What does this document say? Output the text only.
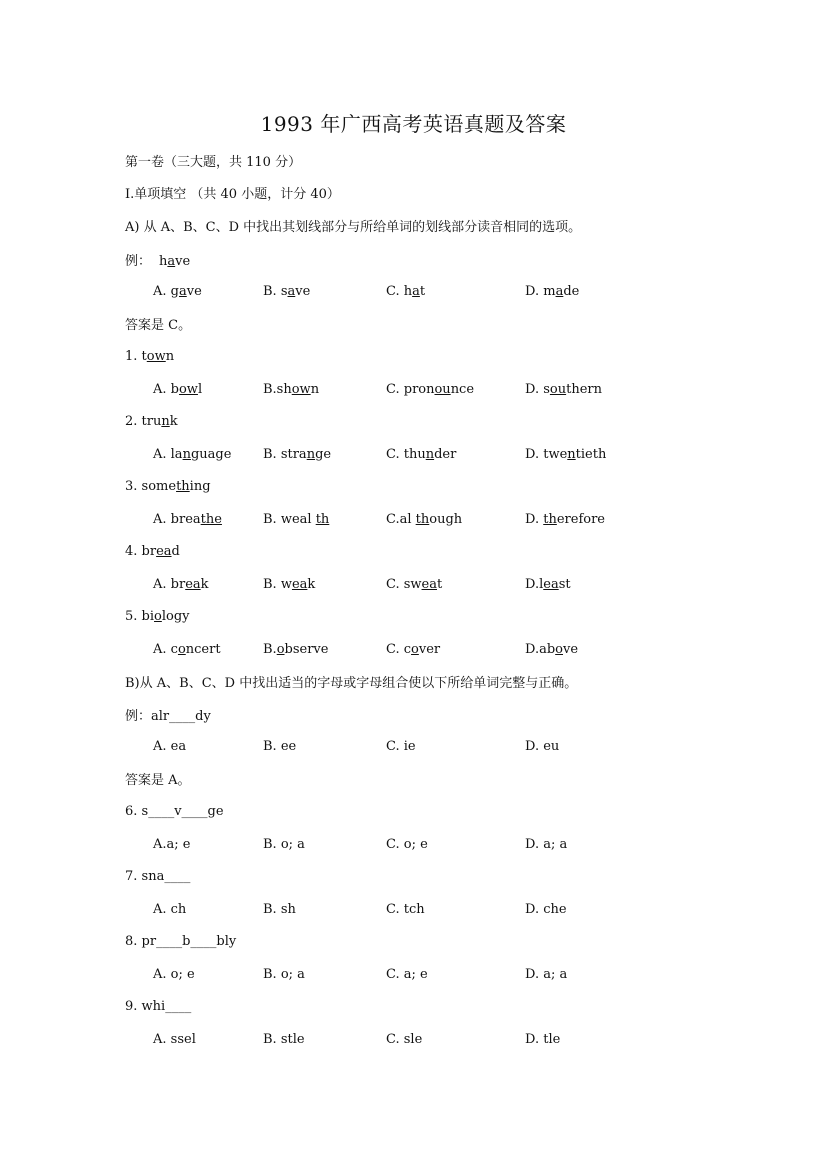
1993 年广西高考英语真题及答案
第一卷（三大题，共 110 分）
Ⅰ.单项填空 （共 40 小题，计分 40）
A) 从 A、B、C、D 中找出其划线部分与所给单词的划线部分读音相同的选项。
例： have
A. gave	B. save	C. hat	D. made
答案是 C。
1. town
A. bowl	B.shown	C. pronounce	D. southern
2. trunk
A. language B. strange	C. thunder	D. twentieth
3. something
A. breathe	B. weal th	C.al though	D. therefore
4. bread
A. break	B. weak	C. sweat	D.least
5. biology
A. concert	B.observe	C. cover	D.above
B)从 A、B、C、D 中找出适当的字母或字母组合使以下所给单词完整与正确。
例：alr____dy
A. ea	B. ee	C. ie	D. eu
答案是 A。
6. s____v____ge
A.a; e	B. o; a	C. o; e	D. a; a
7. sna____
A. ch	B. sh	C. tch	D. che
8. pr____b____bly
A. o; e	B. o; a	C. a; e	D. a; a
9. whi____
A. ssel	B. stle	C. sle	D. tle
